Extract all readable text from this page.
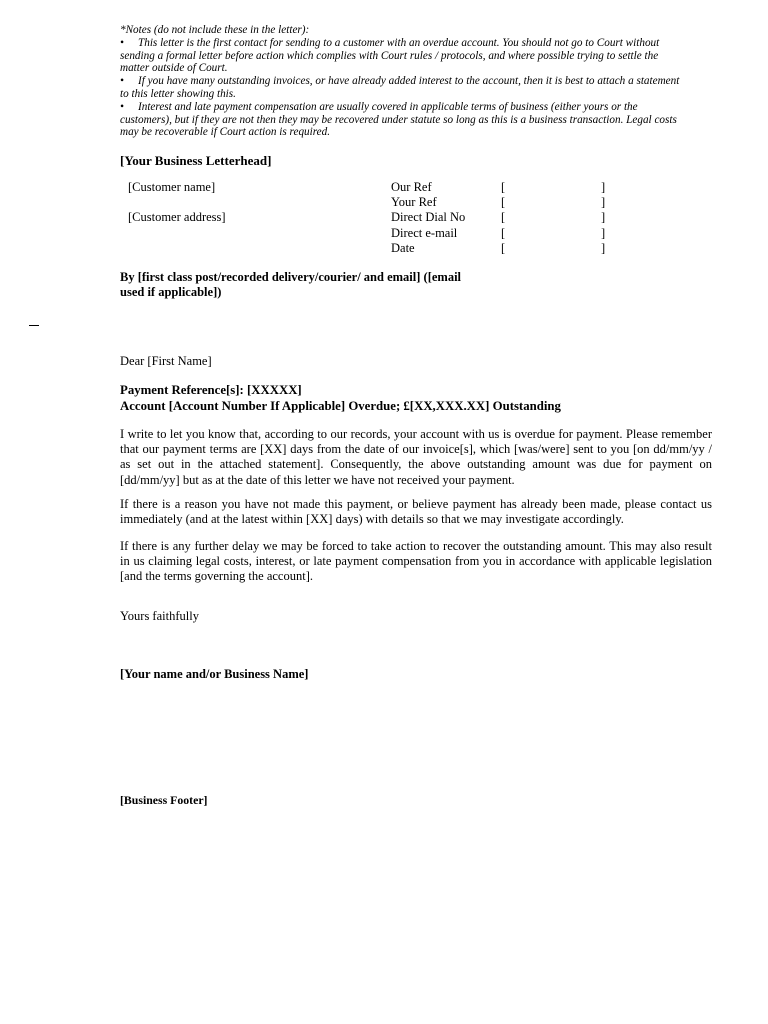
*Notes (do not include these in the letter):

• This letter is the first contact for sending to a customer with an overdue account. You should not go to Court without

sending a formal letter before action which complies with Court rules / protocols, and where possible trying to settle the

matter outside of Court.

• If you have many outstanding invoices, or have already added interest to the account, then it is best to attach a statement

to this letter showing this.

• Interest and late payment compensation are usually covered in applicable terms of business (either yours or the

customers), but if they are not then they may be recovered under statute so long as this is a business transaction. Legal costs

may be recoverable if Court action is required.

[Your Business Letterhead]

[Customer name]

[Customer address]

Our Ref	[	]
Your Ref	[	]
Direct Dial No	[	]
Direct e-mail	[	]
Date	[	]
By [first class post/recorded delivery/courier/ and email] ([email
used if applicable])

Dear [First Name]

Payment Reference[s]: [XXXXX]
Account [Account Number If Applicable] Overdue; £[XX,XXX.XX] Outstanding

I write to let you know that, according to our records, your account with us is overdue for payment. Please remember that our payment terms are [XX] days from the date of our invoice[s], which [was/were] sent to you [on dd/mm/yy / as set out in the attached statement]. Consequently, the above outstanding amount was due for payment on [dd/mm/yy] but as at the date of this letter we have not received your payment.

If there is a reason you have not made this payment, or believe payment has already been made, please contact us immediately (and at the latest within [XX] days) with details so that we may investigate accordingly.

If there is any further delay we may be forced to take action to recover the outstanding amount. This may also result in us claiming legal costs, interest, or late payment compensation from you in accordance with applicable legislation [and the terms governing the account].

Yours faithfully

[Your name and/or Business Name]

[Business Footer]
